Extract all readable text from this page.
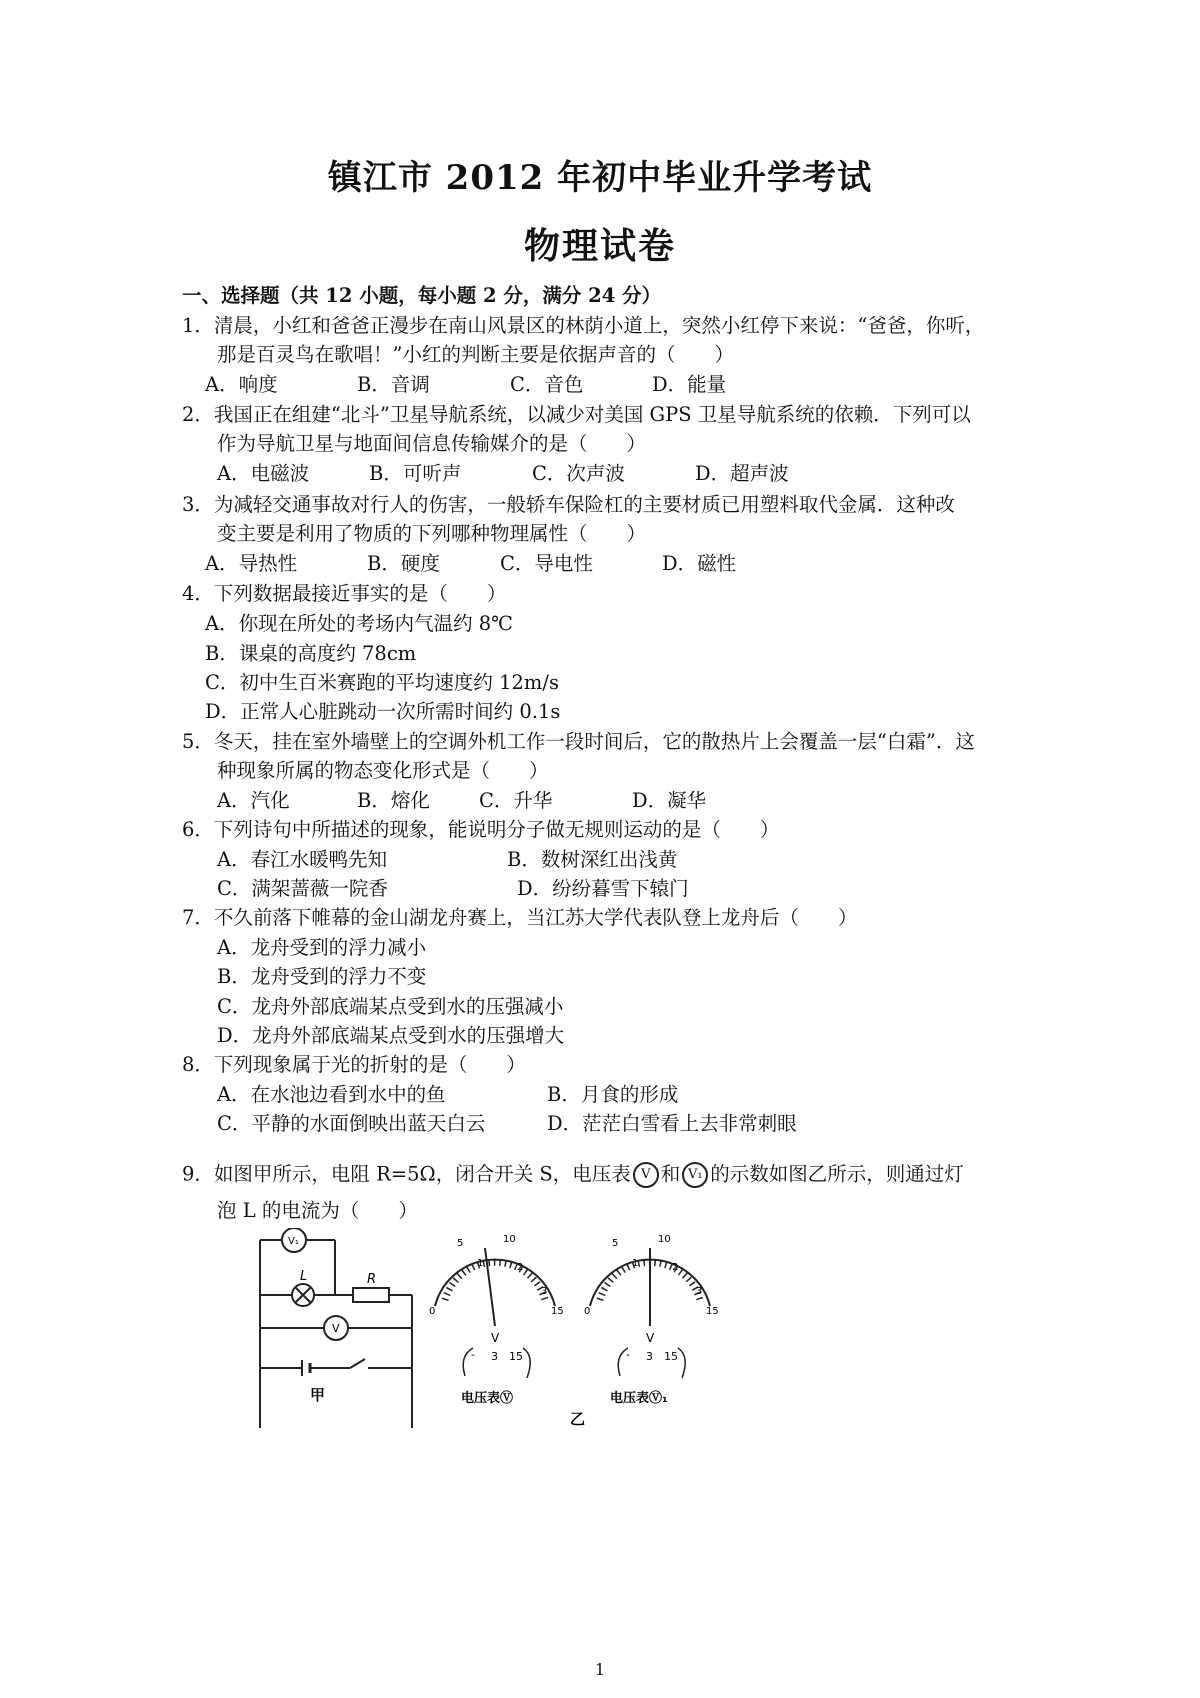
镇江市 2012 年初中毕业升学考试
物理试卷
一、选择题（共 12 小题，每小题 2 分，满分 24 分）
1．清晨，小红和爸爸正漫步在南山风景区的林荫小道上，突然小红停下来说：“爸爸，你听，
那是百灵鸟在歌唱！”小红的判断主要是依据声音的（　　）
A．响度	B．音调	C．音色	D．能量
2．我国正在组建“北斗”卫星导航系统，以减少对美国 GPS 卫星导航系统的依赖．下列可以
作为导航卫星与地面间信息传输媒介的是（　　）
A．电磁波	B．可听声	C．次声波	D．超声波
3．为减轻交通事故对行人的伤害，一般轿车保险杠的主要材质已用塑料取代金属．这种改
变主要是利用了物质的下列哪种物理属性（　　）
A．导热性	B．硬度	C．导电性	D．磁性
4．下列数据最接近事实的是（　　）
A．你现在所处的考场内气温约 8℃
B．课桌的高度约 78cm
C．初中生百米赛跑的平均速度约 12m/s
D．正常人心脏跳动一次所需时间约 0.1s
5．冬天，挂在室外墙壁上的空调外机工作一段时间后，它的散热片上会覆盖一层“白霜”．这
种现象所属的物态变化形式是（　　）
A．汽化	B．熔化	C．升华	D．凝华
6．下列诗句中所描述的现象，能说明分子做无规则运动的是（　　）
A．春江水暖鸭先知	B．数树深红出浅黄
C．满架蔷薇一院香	D．纷纷暮雪下辕门
7．不久前落下帷幕的金山湖龙舟赛上，当江苏大学代表队登上龙舟后（　　）
A．龙舟受到的浮力减小
B．龙舟受到的浮力不变
C．龙舟外部底端某点受到水的压强减小
D．龙舟外部底端某点受到水的压强增大
8．下列现象属于光的折射的是（　　）
A．在水池边看到水中的鱼	B．月食的形成
C．平静的水面倒映出蓝天白云	D．茫茫白雪看上去非常刺眼
9．如图甲所示，电阻 R=5Ω，闭合开关 S，电压表 V 和 V₁ 的示数如图乙所示，则通过灯
泡 L 的电流为（　　）
V₁
L	R
V
甲
0
5
1
10
2
3
15
V
- 3 15
电压表Ⓥ
0
5
1
10
2
3
15
V
- 3 15
电压表Ⓥ₁
乙
1
